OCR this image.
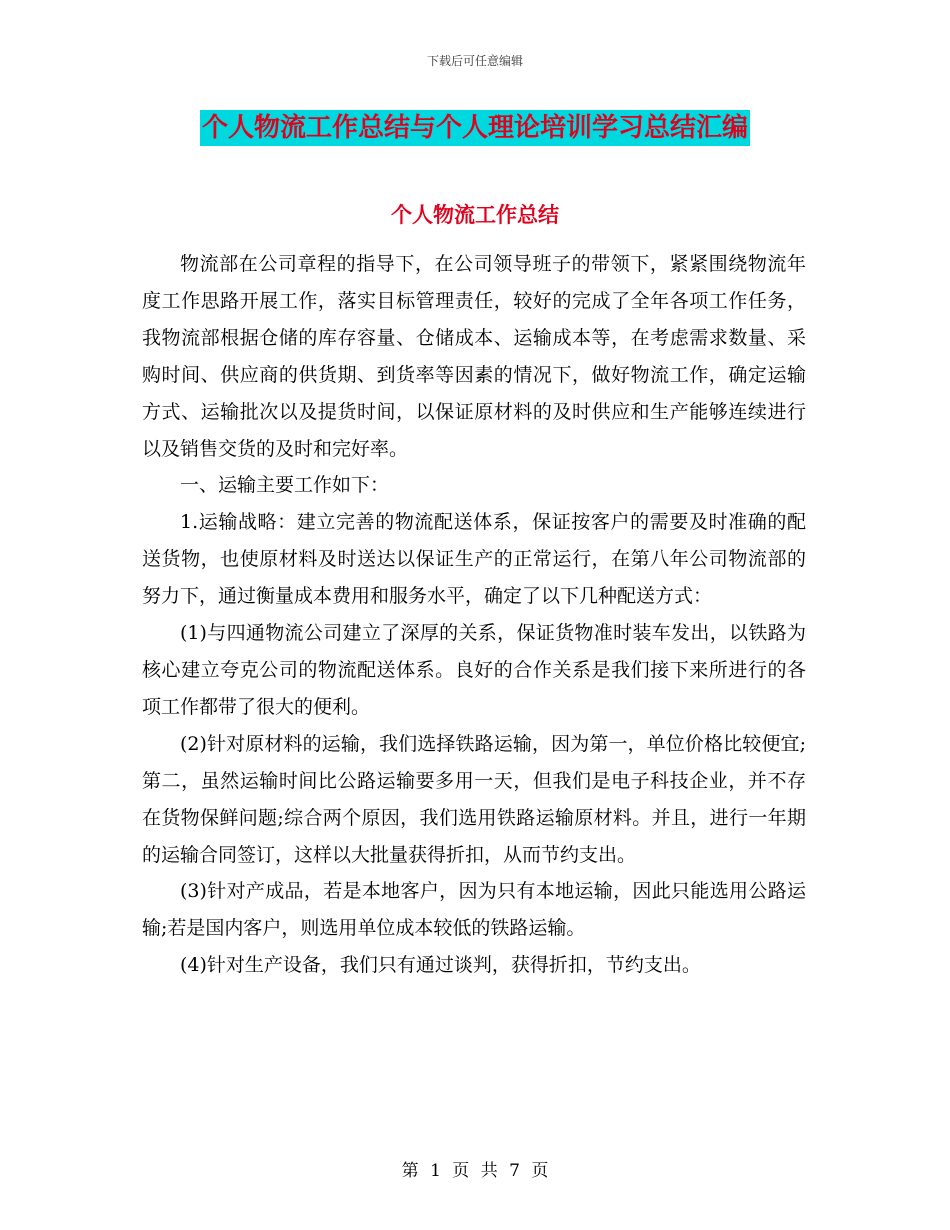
下载后可任意编辑
个人物流工作总结与个人理论培训学习总结汇编
个人物流工作总结

物流部在公司章程的指导下，在公司领导班子的带领下，紧紧围绕物流年度工作思路开展工作，落实目标管理责任，较好的完成了全年各项工作任务，我物流部根据仓储的库存容量、仓储成本、运输成本等，在考虑需求数量、采购时间、供应商的供货期、到货率等因素的情况下，做好物流工作，确定运输方式、运输批次以及提货时间，以保证原材料的及时供应和生产能够连续进行以及销售交货的及时和完好率。

一、运输主要工作如下：

1.运输战略：建立完善的物流配送体系，保证按客户的需要及时准确的配送货物，也使原材料及时送达以保证生产的正常运行，在第八年公司物流部的努力下，通过衡量成本费用和服务水平，确定了以下几种配送方式：

(1)与四通物流公司建立了深厚的关系，保证货物准时装车发出，以铁路为核心建立夸克公司的物流配送体系。良好的合作关系是我们接下来所进行的各项工作都带了很大的便利。

(2)针对原材料的运输，我们选择铁路运输，因为第一，单位价格比较便宜;第二，虽然运输时间比公路运输要多用一天，但我们是电子科技企业，并不存在货物保鲜问题;综合两个原因，我们选用铁路运输原材料。并且，进行一年期的运输合同签订，这样以大批量获得折扣，从而节约支出。

(3)针对产成品，若是本地客户，因为只有本地运输，因此只能选用公路运输;若是国内客户，则选用单位成本较低的铁路运输。

(4)针对生产设备，我们只有通过谈判，获得折扣，节约支出。

第 1 页 共 7 页
